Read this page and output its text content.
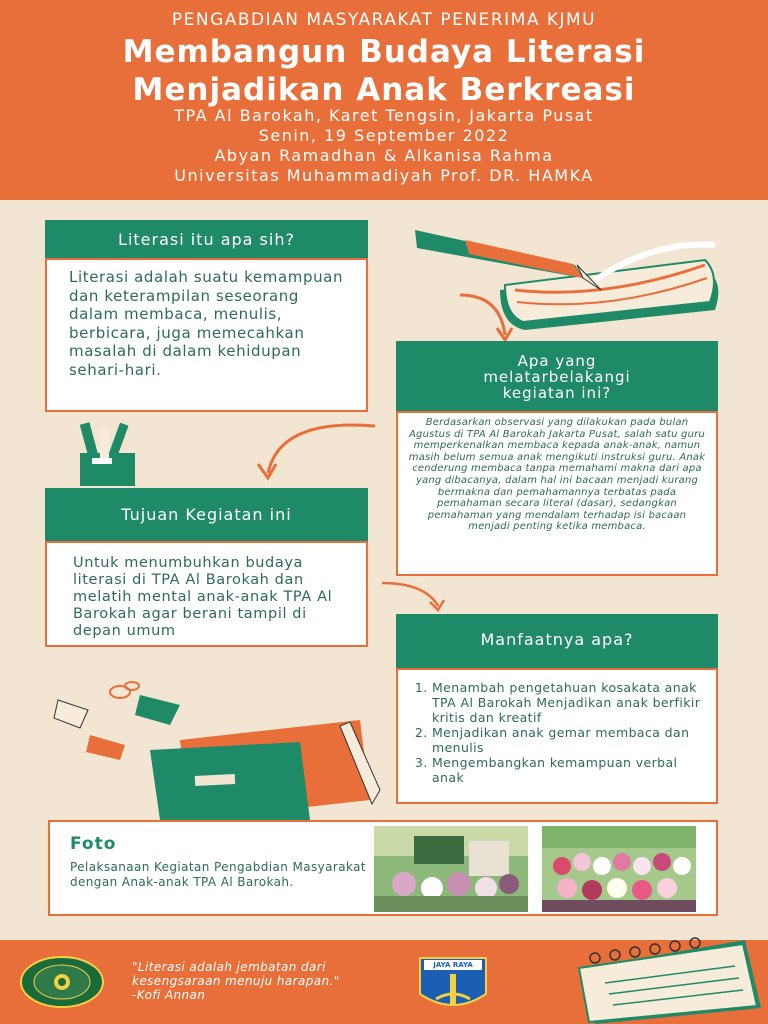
PENGABDIAN MASYARAKAT PENERIMA KJMU
Membangun Budaya Literasi
Menjadikan Anak Berkreasi
TPA Al Barokah, Karet Tengsin, Jakarta Pusat
Senin, 19 September 2022
Abyan Ramadhan & Alkanisa Rahma
Universitas Muhammadiyah Prof. DR. HAMKA
Literasi itu apa sih?
Literasi adalah suatu kemampuan dan keterampilan seseorang dalam membaca, menulis, berbicara, juga memecahkan masalah di dalam kehidupan sehari-hari.	Apa yang
melatarbelakangi
kegiatan ini?
Berdasarkan observasi yang dilakukan pada bulan Agustus di TPA Al Barokah Jakarta Pusat, salah satu guru memperkenalkan membaca kepada anak-anak, namun masih belum semua anak mengikuti instruksi guru. Anak cenderung membaca tanpa memahami makna dari apa yang dibacanya, dalam hal ini bacaan menjadi kurang bermakna dan pemahamannya terbatas pada pemahaman secara literal (dasar), sedangkan pemahaman yang mendalam terhadap isi bacaan menjadi penting ketika membaca.
Tujuan Kegiatan ini
Untuk menumbuhkan budaya literasi di TPA Al Barokah dan melatih mental anak-anak TPA Al Barokah agar berani tampil di depan umum	Manfaatnya apa?
1. Menambah pengetahuan kosakata anak TPA Al Barokah Menjadikan anak berfikir kritis dan kreatif
2. Menjadikan anak gemar membaca dan menulis
3. Mengembangkan kemampuan verbal anak
Foto
Pelaksanaan Kegiatan Pengabdian Masyarakat dengan Anak-anak TPA Al Barokah.
"Literasi adalah jembatan dari
kesengsaraan menuju harapan."
-Kofi Annan
JAYA RAYA
